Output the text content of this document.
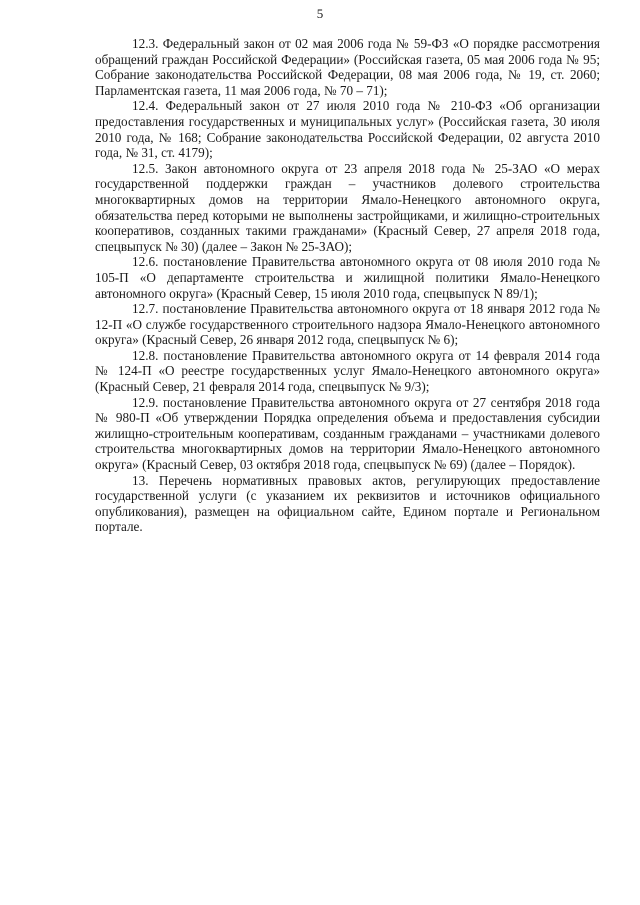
5

12.3. Федеральный закон от 02 мая 2006 года № 59-ФЗ «О порядке рассмотрения обращений граждан Российской Федерации» (Российская газета, 05 мая 2006 года № 95; Собрание законодательства Российской Федерации, 08 мая 2006 года, № 19, ст. 2060; Парламентская газета, 11 мая 2006 года, № 70 – 71);

12.4. Федеральный закон от 27 июля 2010 года № 210-ФЗ «Об организации предоставления государственных и муниципальных услуг» (Российская газета, 30 июля 2010 года, № 168; Собрание законодательства Российской Федерации, 02 августа 2010 года, № 31, ст. 4179);

12.5. Закон автономного округа от 23 апреля 2018 года № 25-ЗАО «О мерах государственной поддержки граждан – участников долевого строительства многоквартирных домов на территории Ямало-Ненецкого автономного округа, обязательства перед которыми не выполнены застройщиками, и жилищно-строительных кооперативов, созданных такими гражданами» (Красный Север, 27 апреля 2018 года, спецвыпуск № 30) (далее – Закон № 25-ЗАО);

12.6. постановление Правительства автономного округа от 08 июля 2010 года № 105-П «О департаменте строительства и жилищной политики Ямало-Ненецкого автономного округа» (Красный Север, 15 июля 2010 года, спецвыпуск N 89/1);

12.7. постановление Правительства автономного округа от 18 января 2012 года № 12-П «О службе государственного строительного надзора Ямало-Ненецкого автономного округа» (Красный Север, 26 января 2012 года, спецвыпуск № 6);

12.8. постановление Правительства автономного округа от 14 февраля 2014 года № 124-П «О реестре государственных услуг Ямало-Ненецкого автономного округа» (Красный Север, 21 февраля 2014 года, спецвыпуск № 9/3);

12.9. постановление Правительства автономного округа от 27 сентября 2018 года № 980-П «Об утверждении Порядка определения объема и предоставления субсидии жилищно-строительным кооперативам, созданным гражданами – участниками долевого строительства многоквартирных домов на территории Ямало-Ненецкого автономного округа» (Красный Север, 03 октября 2018 года, спецвыпуск № 69) (далее – Порядок).

13. Перечень нормативных правовых актов, регулирующих предоставление государственной услуги (с указанием их реквизитов и источников официального опубликования), размещен на официальном сайте, Едином портале и Региональном портале.
